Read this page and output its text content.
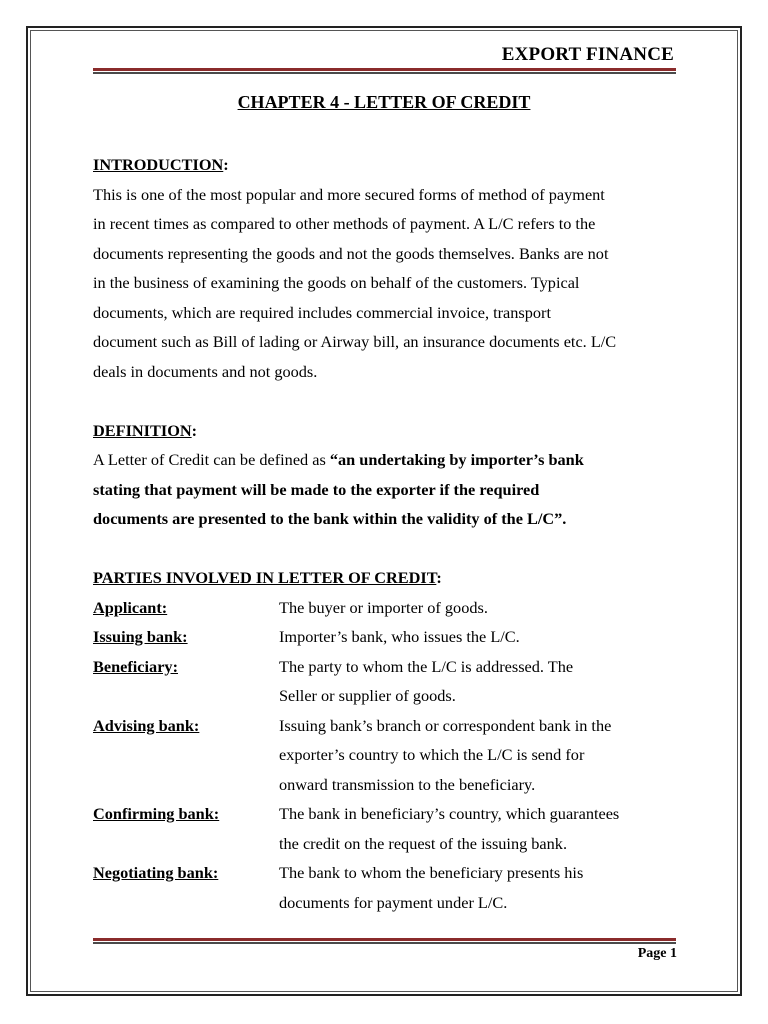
EXPORT FINANCE
CHAPTER 4 - LETTER OF CREDIT

INTRODUCTION:

This is one of the most popular and more secured forms of method of payment

in recent times as compared to other methods of payment. A L/C refers to the

documents representing the goods and not the goods themselves. Banks are not

in the business of examining the goods on behalf of the customers. Typical

documents, which are required includes commercial invoice, transport

document such as Bill of lading or Airway bill, an insurance documents etc. L/C

deals in documents and not goods.

DEFINITION:

A Letter of Credit can be defined as “an undertaking by importer’s bank

stating that payment will be made to the exporter if the required

documents are presented to the bank within the validity of the L/C”.

PARTIES INVOLVED IN LETTER OF CREDIT:

Applicant:	The buyer or importer of goods.

Issuing bank:	Importer’s bank, who issues the L/C.

Beneficiary:	The party to whom the L/C is addressed. The

Seller or supplier of goods.

Advising bank:	Issuing bank’s branch or correspondent bank in the

exporter’s country to which the L/C is send for

onward transmission to the beneficiary.

Confirming bank:	The bank in beneficiary’s country, which guarantees

the credit on the request of the issuing bank.

Negotiating bank:	The bank to whom the beneficiary presents his

documents for payment under L/C.

Page 1
